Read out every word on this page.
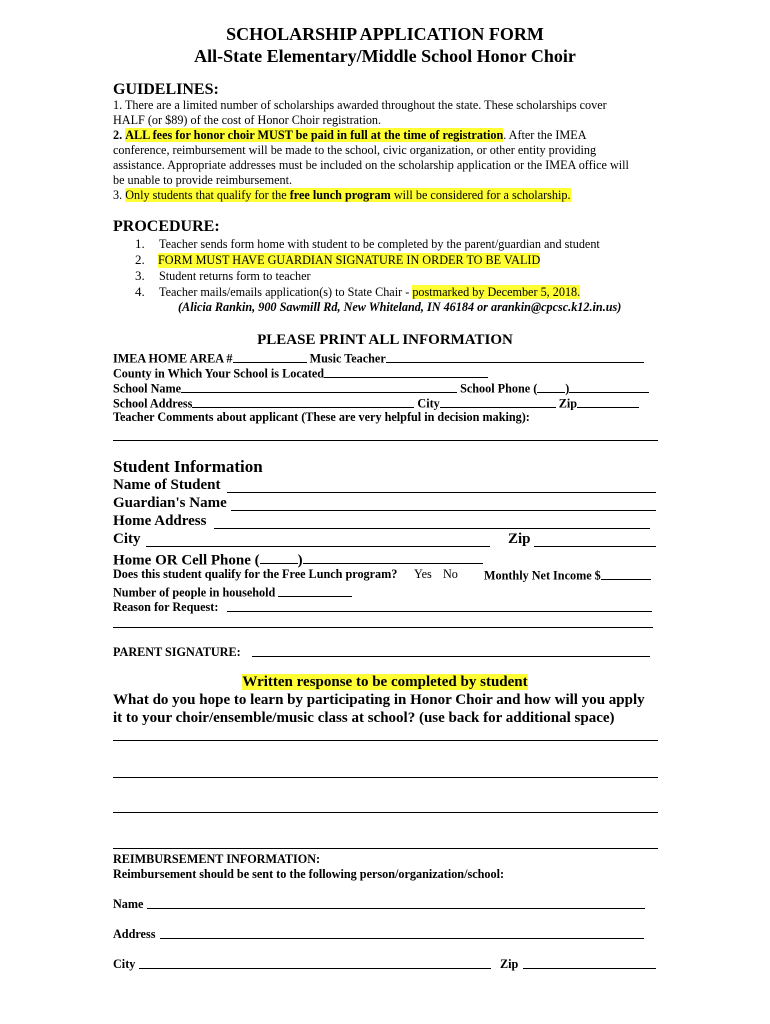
SCHOLARSHIP APPLICATION FORM
All-State Elementary/Middle School Honor Choir
GUIDELINES:
1. There are a limited number of scholarships awarded throughout the state. These scholarships cover
HALF (or $89) of the cost of Honor Choir registration.
2. ALL fees for honor choir MUST be paid in full at the time of registration. After the IMEA
conference, reimbursement will be made to the school, civic organization, or other entity providing
assistance. Appropriate addresses must be included on the scholarship application or the IMEA office will
be unable to provide reimbursement.
3. Only students that qualify for the free lunch program will be considered for a scholarship.
PROCEDURE:
1. Teacher sends form home with student to be completed by the parent/guardian and student
2. FORM MUST HAVE GUARDIAN SIGNATURE IN ORDER TO BE VALID
3. Student returns form to teacher
4. Teacher mails/emails application(s) to State Chair - postmarked by December 5, 2018.
(Alicia Rankin, 900 Sawmill Rd, New Whiteland, IN 46184 or arankin@cpcsc.k12.in.us)
PLEASE PRINT ALL INFORMATION
IMEA HOME AREA #	Music Teacher
County in Which Your School is Located
School Name	School Phone ( )
School Address	City	Zip
Teacher Comments about applicant (These are very helpful in decision making):
Student Information
Name of Student
Guardian's Name
Home Address
City	Zip
Home OR Cell Phone (	)
Does this student qualify for the Free Lunch program? Yes No Monthly Net Income $
Number of people in household
Reason for Request:
PARENT SIGNATURE:
Written response to be completed by student
What do you hope to learn by participating in Honor Choir and how will you apply
it to your choir/ensemble/music class at school? (use back for additional space)
REIMBURSEMENT INFORMATION:
Reimbursement should be sent to the following person/organization/school:
Name
Address
City	Zip
